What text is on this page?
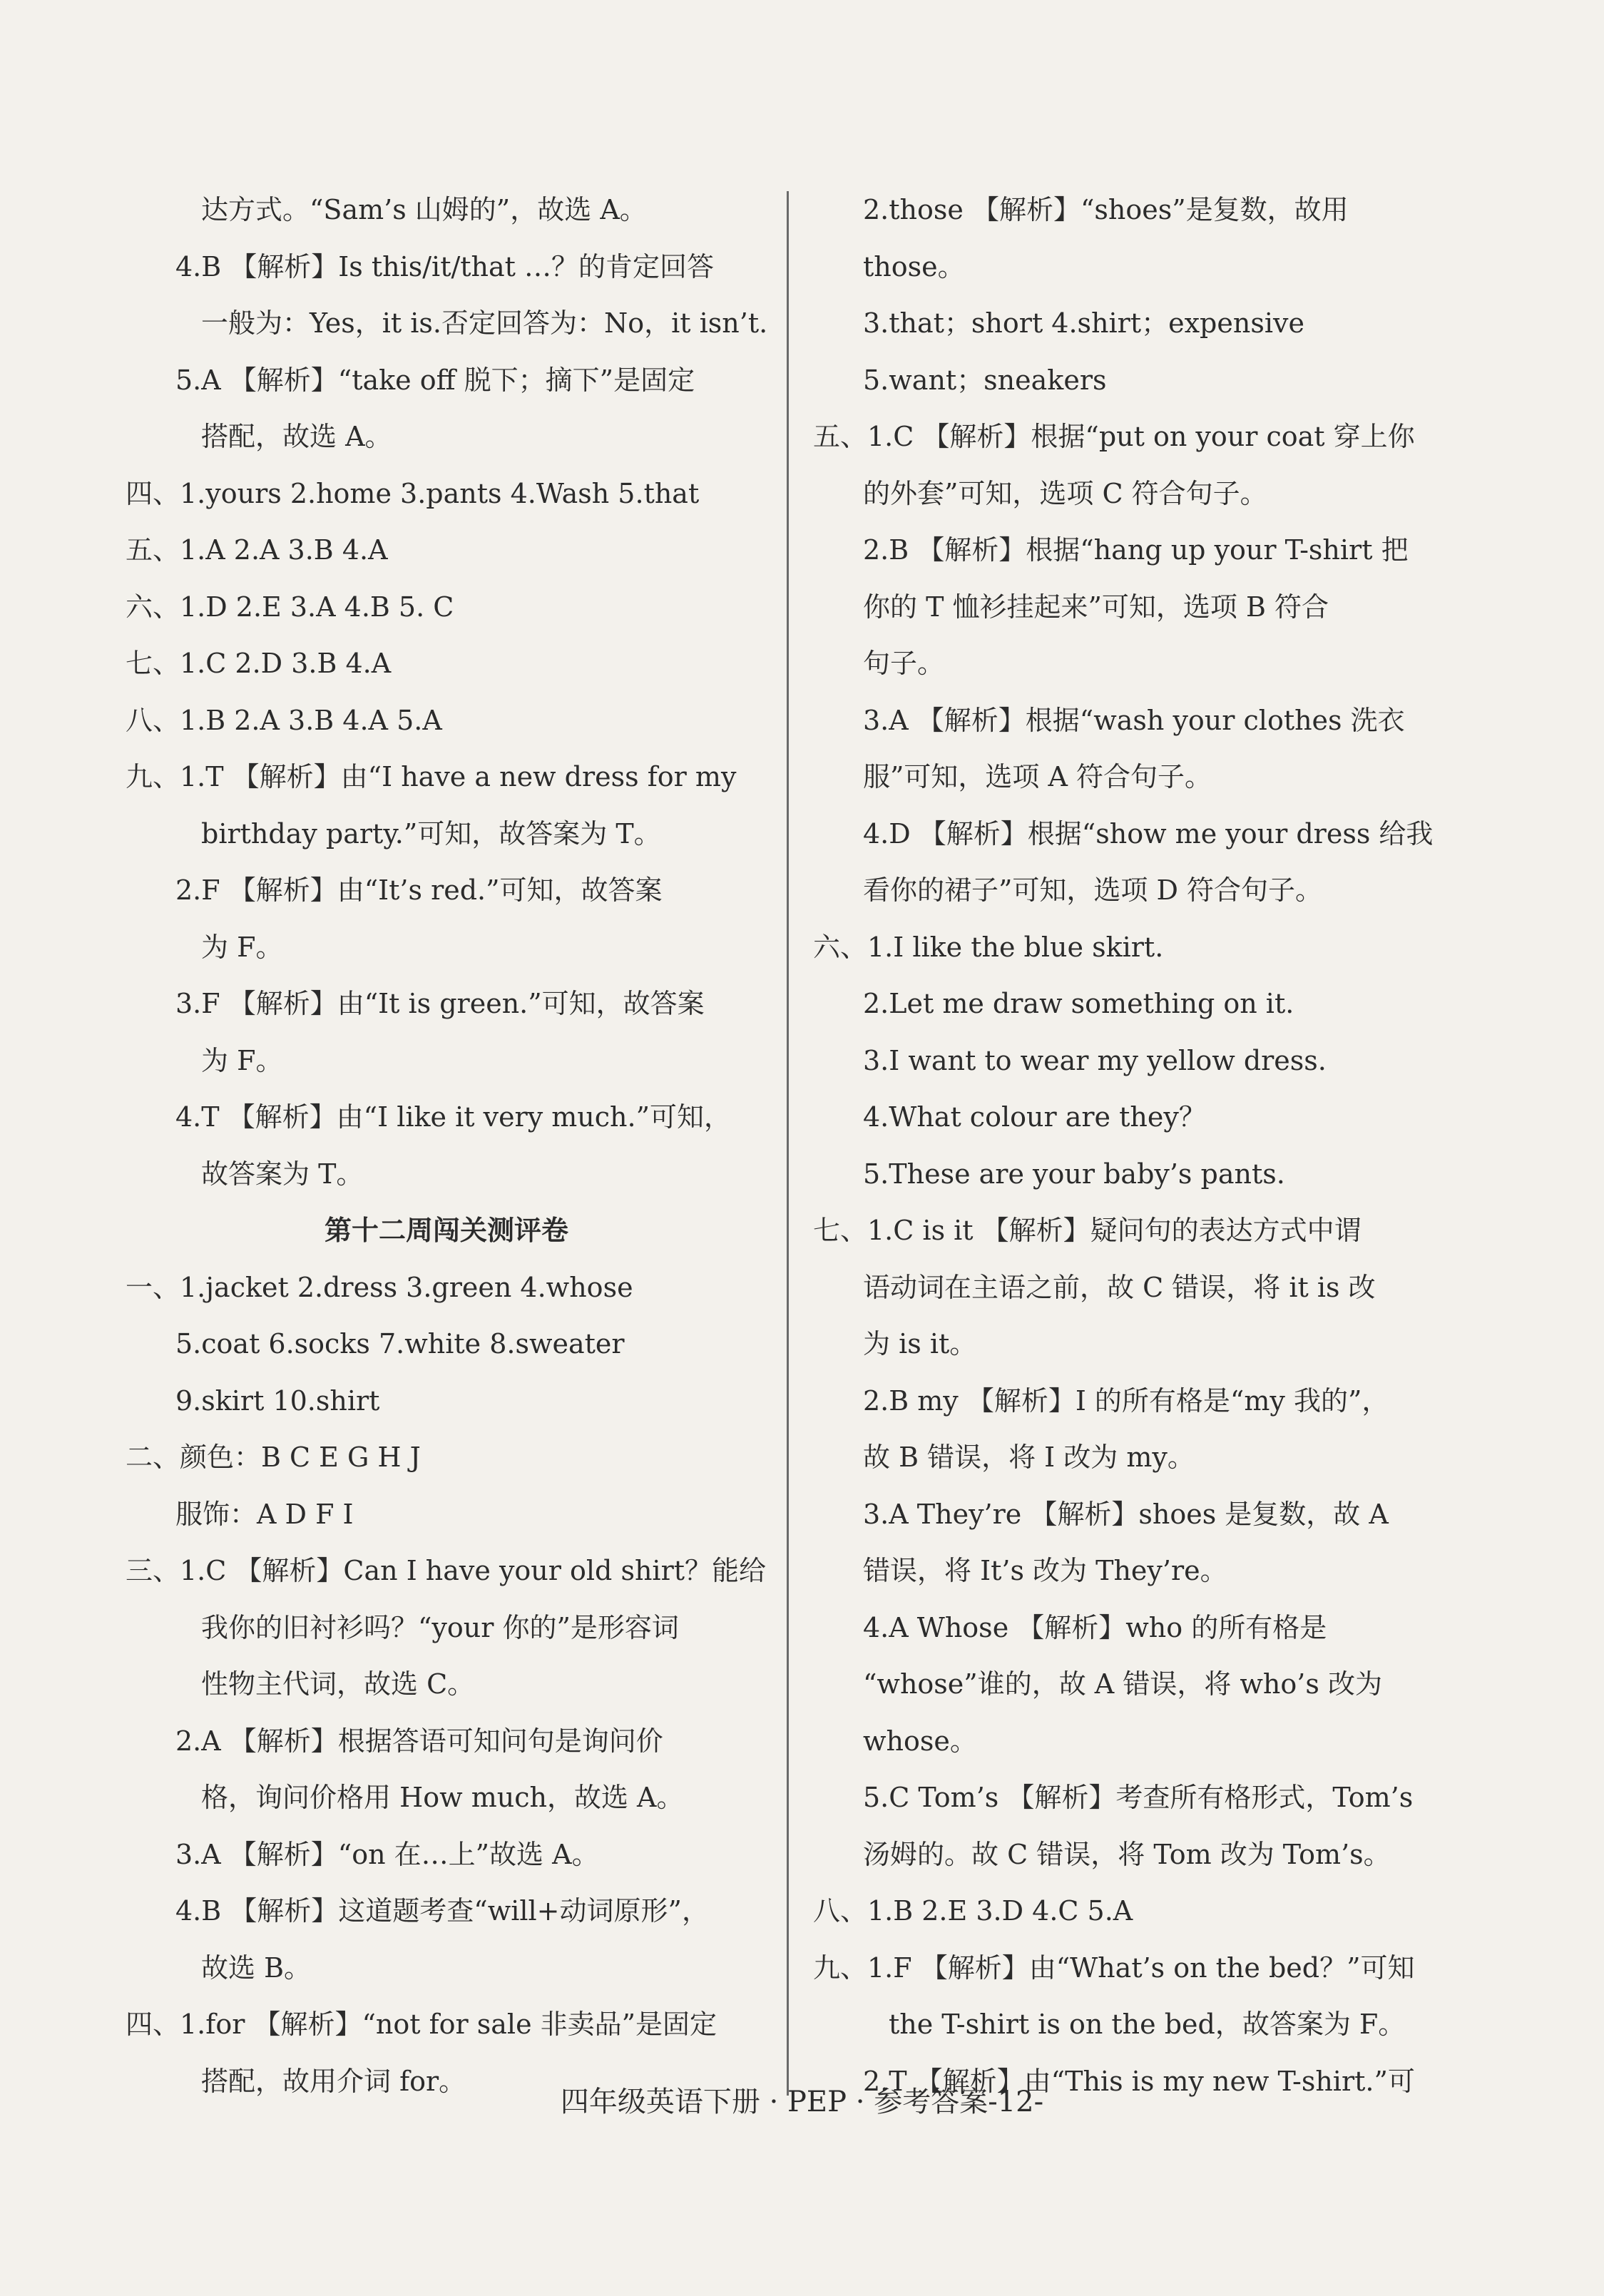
达方式。“Sam’s 山姆的”，故选 A。
4.B 【解析】Is this/it/that …？的肯定回答
一般为：Yes，it is.否定回答为：No，it isn’t.
5.A 【解析】“take off 脱下；摘下”是固定
搭配，故选 A。
四、1.yours 2.home 3.pants 4.Wash 5.that
五、1.A 2.A 3.B 4.A
六、1.D 2.E 3.A 4.B 5. C
七、1.C 2.D 3.B 4.A
八、1.B 2.A 3.B 4.A 5.A
九、1.T 【解析】由“I have a new dress for my
birthday party.”可知，故答案为 T。
2.F 【解析】由“It’s red.”可知，故答案
为 F。
3.F 【解析】由“It is green.”可知，故答案
为 F。
4.T 【解析】由“I like it very much.”可知，
故答案为 T。
第十二周闯关测评卷
一、1.jacket 2.dress 3.green 4.whose
5.coat 6.socks 7.white 8.sweater
9.skirt 10.shirt
二、颜色：B C E G H J
服饰：A D F I
三、1.C 【解析】Can I have your old shirt？能给
我你的旧衬衫吗？“your 你的”是形容词
性物主代词，故选 C。
2.A 【解析】根据答语可知问句是询问价
格，询问价格用 How much，故选 A。
3.A 【解析】“on 在…上”故选 A。
4.B 【解析】这道题考查“will+动词原形”，
故选 B。
四、1.for 【解析】“not for sale 非卖品”是固定
搭配，故用介词 for。
2.those 【解析】“shoes”是复数，故用
those。
3.that；short 4.shirt；expensive
5.want；sneakers
五、1.C 【解析】根据“put on your coat 穿上你
的外套”可知，选项 C 符合句子。
2.B 【解析】根据“hang up your T-shirt 把
你的 T 恤衫挂起来”可知，选项 B 符合
句子。
3.A 【解析】根据“wash your clothes 洗衣
服”可知，选项 A 符合句子。
4.D 【解析】根据“show me your dress 给我
看你的裙子”可知，选项 D 符合句子。
六、1.I like the blue skirt.
2.Let me draw something on it.
3.I want to wear my yellow dress.
4.What colour are they？
5.These are your baby’s pants.
七、1.C is it 【解析】疑问句的表达方式中谓
语动词在主语之前，故 C 错误，将 it is 改
为 is it。
2.B my 【解析】I 的所有格是“my 我的”，
故 B 错误，将 I 改为 my。
3.A They’re 【解析】shoes 是复数，故 A
错误，将 It’s 改为 They’re。
4.A Whose 【解析】who 的所有格是
“whose”谁的，故 A 错误，将 who’s 改为
whose。
5.C Tom’s 【解析】考查所有格形式，Tom’s
汤姆的。故 C 错误，将 Tom 改为 Tom’s。
八、1.B 2.E 3.D 4.C 5.A
九、1.F 【解析】由“What’s on the bed？”可知
the T-shirt is on the bed，故答案为 F。
2.T 【解析】由“This is my new T-shirt.”可
四年级英语下册 · PEP · 参考答案-12-
